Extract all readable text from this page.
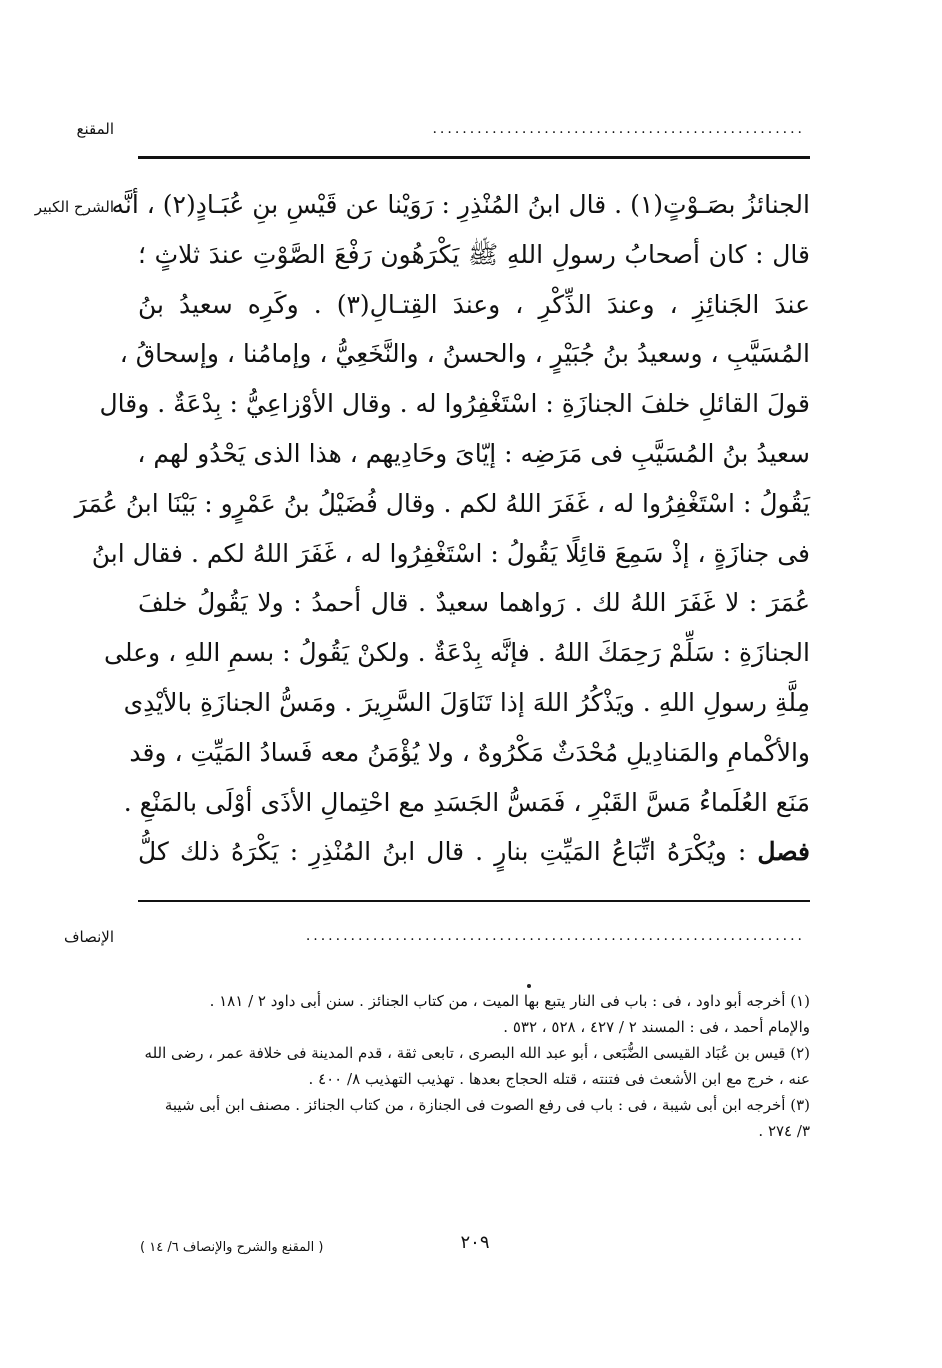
المقنع	..................................................
الشرح الكبير
الجنائزُ بصَـوْتٍ(١) . قال ابنُ المُنْذِرِ : رَوَيْنا عن قَيْسِ بنِ عُبَـادٍ(٢) ، أنَّه
قال : كان أصحابُ رسولِ اللهِ ﷺ يَكْرَهُون رَفْعَ الصَّوْتِ عندَ ثلاثٍ ؛
عندَ الجَنائِزِ ، وعندَ الذِّكْرِ ، وعندَ القِتـالِ(٣) . وكَرِه سعيدُ بنُ
المُسَيَّبِ ، وسعيدُ بنُ جُبَيْرٍ ، والحسنُ ، والنَّخَعِيُّ ، وإمامُنا ، وإسحاقُ ،
قولَ القائلِ خلفَ الجنازَةِ : اسْتَغْفِرُوا له . وقال الأوْزاعِيُّ : بِدْعَةٌ . وقال
سعيدُ بنُ المُسَيَّبِ فى مَرَضِه : إيّاىَ وحَادِيهم ، هذا الذى يَحْدُو لهم ،
يَقُولُ : اسْتَغْفِرُوا له ، غَفَرَ اللهُ لكم . وقال فُضَيْلُ بنُ عَمْرٍو : بَيْنَا ابنُ عُمَرَ
فى جنازَةٍ ، إذْ سَمِعَ قائِلًا يَقُولُ : اسْتَغْفِرُوا له ، غَفَرَ اللهُ لكم . فقال ابنُ
عُمَرَ : لا غَفَرَ اللهُ لك . رَواهما سعيدٌ . قال أحمدُ : ولا يَقُولُ خلفَ
الجنازَةِ : سَلِّمْ رَحِمَكَ اللهُ . فإنَّه بِدْعَةٌ . ولكنْ يَقُولُ : بسمِ اللهِ ، وعلى
مِلَّةِ رسولِ اللهِ . ويَذْكُرُ اللهَ إذا تَنَاوَلَ السَّرِيرَ . ومَسُّ الجنازَةِ بالأيْدِى
والأكْمامِ والمَنادِيلِ مُحْدَثٌ مَكْرُوهٌ ، ولا يُؤْمَنُ معه فَسادُ المَيِّتِ ، وقد
مَنَع العُلَماءُ مَسَّ القَبْرِ ، فَمَسُّ الجَسَدِ مع احْتِمالِ الأذَى أوْلَى بالمَنْعِ .
فصل : ويُكْرَهُ اتِّبَاعُ المَيِّتِ بنارٍ . قال ابنُ المُنْذِرِ : يَكْرَهُ ذلك كلُّ
الإنصاف	...................................................................
(١) أخرجه أبو داود ، فى : باب فى النار يتبع بها الميت ، من كتاب الجنائز . سنن أبى داود ٢ / ١٨١ .
والإمام أحمد ، فى : المسند ٢ / ٤٢٧ ، ٥٢٨ ، ٥٣٢ .
(٢) قيس بن عُبَاد القيسى الضُّبَعى ، أبو عبد الله البصرى ، تابعى ثقة ، قدم المدينة فى خلافة عمر ، رضى الله
عنه ، خرج مع ابن الأشعث فى فتنته ، قتله الحجاج بعدها . تهذيب التهذيب ٨/ ٤٠٠ .
(٣) أخرجه ابن أبى شيبة ، فى : باب فى رفع الصوت فى الجنازة ، من كتاب الجنائز . مصنف ابن أبى شيبة
٣/ ٢٧٤ .
٢٠٩
( المقنع والشرح والإنصاف ٦/ ١٤ )
